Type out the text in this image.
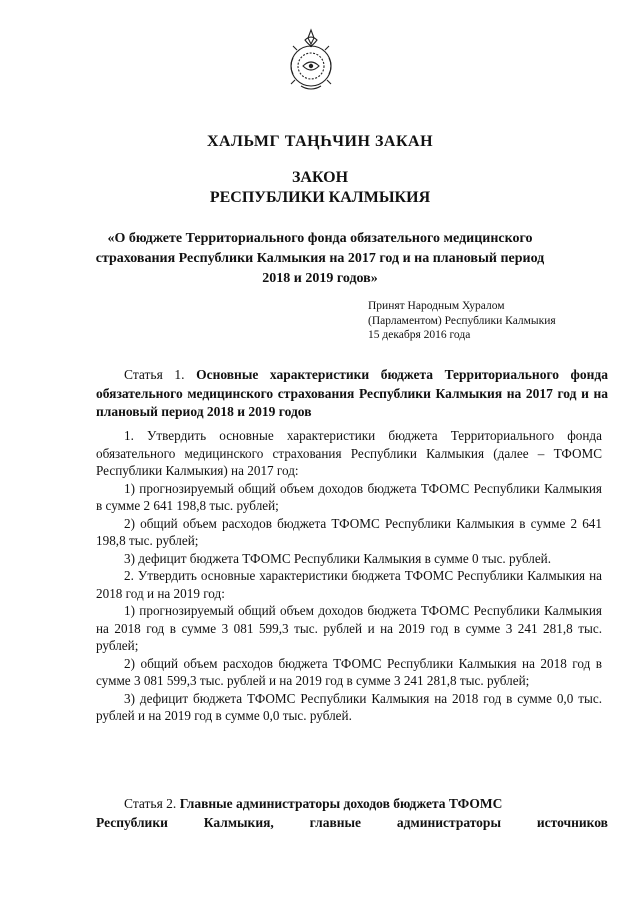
ХАЛЬМГ ТАҢҺЧИН ЗАКАН
ЗАКОН
РЕСПУБЛИКИ КАЛМЫКИЯ
«О бюджете Территориального фонда обязательного медицинского
страхования Республики Калмыкия на 2017 год и на плановый период
2018 и 2019 годов»
Принят Народным Хуралом
(Парламентом) Республики Калмыкия
15 декабря 2016 года
Статья 1. Основные характеристики бюджета Территориального фонда обязательного медицинского страхования Республики Калмыкия на 2017 год и на плановый период 2018 и 2019 годов

1. Утвердить основные характеристики бюджета Территориального фонда обязательного медицинского страхования Республики Калмыкия (далее – ТФОМС Республики Калмыкия) на 2017 год:

1) прогнозируемый общий объем доходов бюджета ТФОМС Республики Калмыкия в сумме 2 641 198,8 тыс. рублей;

2) общий объем расходов бюджета ТФОМС Республики Калмыкия в сумме 2 641 198,8 тыс. рублей;

3) дефицит бюджета ТФОМС Республики Калмыкия в сумме 0 тыс. рублей.

2. Утвердить основные характеристики бюджета ТФОМС Республики Калмыкия на 2018 год и на 2019 год:

1) прогнозируемый общий объем доходов бюджета ТФОМС Республики Калмыкия на 2018 год в сумме 3 081 599,3 тыс. рублей и на 2019 год в сумме 3 241 281,8 тыс. рублей;

2) общий объем расходов бюджета ТФОМС Республики Калмыкия на 2018 год в сумме 3 081 599,3 тыс. рублей и на 2019 год в сумме 3 241 281,8 тыс. рублей;

3) дефицит бюджета ТФОМС Республики Калмыкия на 2018 год в сумме 0,0 тыс. рублей и на 2019 год в сумме 0,0 тыс. рублей.

Статья 2. Главные администраторы доходов бюджета ТФОМС
Республики	Калмыкия,	главные	администраторы	источников
